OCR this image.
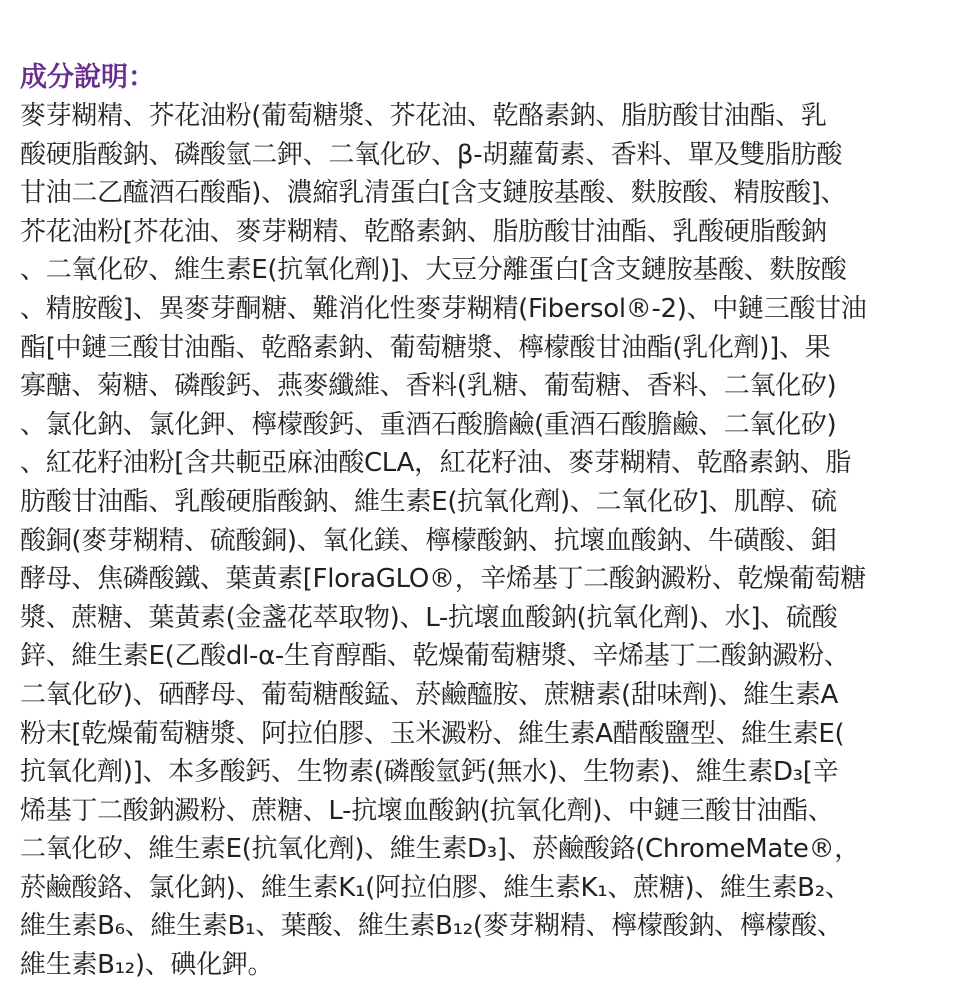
成分說明：
麥芽糊精、芥花油粉(葡萄糖漿、芥花油、乾酪素鈉、脂肪酸甘油酯、乳
酸硬脂酸鈉、磷酸氫二鉀、二氧化矽、β-胡蘿蔔素、香料、單及雙脂肪酸
甘油二乙醯酒石酸酯)、濃縮乳清蛋白[含支鏈胺基酸、麩胺酸、精胺酸]、
芥花油粉[芥花油、麥芽糊精、乾酪素鈉、脂肪酸甘油酯、乳酸硬脂酸鈉
、二氧化矽、維生素E(抗氧化劑)]、大豆分離蛋白[含支鏈胺基酸、麩胺酸
、精胺酸]、異麥芽酮糖、難消化性麥芽糊精(Fibersol®-2)、中鏈三酸甘油
酯[中鏈三酸甘油酯、乾酪素鈉、葡萄糖漿、檸檬酸甘油酯(乳化劑)]、果
寡醣、菊糖、磷酸鈣、燕麥纖維、香料(乳糖、葡萄糖、香料、二氧化矽)
、氯化鈉、氯化鉀、檸檬酸鈣、重酒石酸膽鹼(重酒石酸膽鹼、二氧化矽)
、紅花籽油粉[含共軛亞麻油酸CLA，紅花籽油、麥芽糊精、乾酪素鈉、脂
肪酸甘油酯、乳酸硬脂酸鈉、維生素E(抗氧化劑)、二氧化矽]、肌醇、硫
酸銅(麥芽糊精、硫酸銅)、氧化鎂、檸檬酸鈉、抗壞血酸鈉、牛磺酸、鉬
酵母、焦磷酸鐵、葉黃素[FloraGLO®，辛烯基丁二酸鈉澱粉、乾燥葡萄糖
漿、蔗糖、葉黃素(金盞花萃取物)、L-抗壞血酸鈉(抗氧化劑)、水]、硫酸
鋅、維生素E(乙酸dl-α-生育醇酯、乾燥葡萄糖漿、辛烯基丁二酸鈉澱粉、
二氧化矽)、硒酵母、葡萄糖酸錳、菸鹼醯胺、蔗糖素(甜味劑)、維生素A
粉末[乾燥葡萄糖漿、阿拉伯膠、玉米澱粉、維生素A醋酸鹽型、維生素E(
抗氧化劑)]、本多酸鈣、生物素(磷酸氫鈣(無水)、生物素)、維生素D₃[辛
烯基丁二酸鈉澱粉、蔗糖、L-抗壞血酸鈉(抗氧化劑)、中鏈三酸甘油酯、
二氧化矽、維生素E(抗氧化劑)、維生素D₃]、菸鹼酸鉻(ChromeMate®，
菸鹼酸鉻、氯化鈉)、維生素K₁(阿拉伯膠、維生素K₁、蔗糖)、維生素B₂、
維生素B₆、維生素B₁、葉酸、維生素B₁₂(麥芽糊精、檸檬酸鈉、檸檬酸、
維生素B₁₂)、碘化鉀。
